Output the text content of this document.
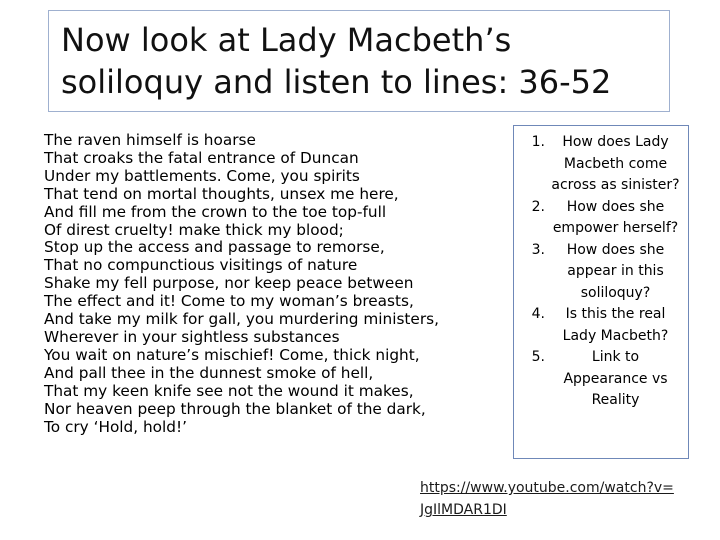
Now look at Lady Macbeth’s
soliloquy and listen to lines: 36-52
The raven himself is hoarse
That croaks the fatal entrance of Duncan
Under my battlements. Come, you spirits
That tend on mortal thoughts, unsex me here,
And fill me from the crown to the toe top-full
Of direst cruelty! make thick my blood;
Stop up the access and passage to remorse,
That no compunctious visitings of nature
Shake my fell purpose, nor keep peace between
The effect and it! Come to my woman’s breasts,
And take my milk for gall, you murdering ministers,
Wherever in your sightless substances
You wait on nature’s mischief! Come, thick night,
And pall thee in the dunnest smoke of hell,
That my keen knife see not the wound it makes,
Nor heaven peep through the blanket of the dark,
To cry ‘Hold, hold!’
1.	How does Lady Macbeth come across as sinister?
2.	How does she empower herself?
3.	How does she appear in this soliloquy?
4.	Is this the real Lady Macbeth?
5.	Link to Appearance vs Reality
https://www.youtube.com/watch?v=
JgIlMDAR1DI
